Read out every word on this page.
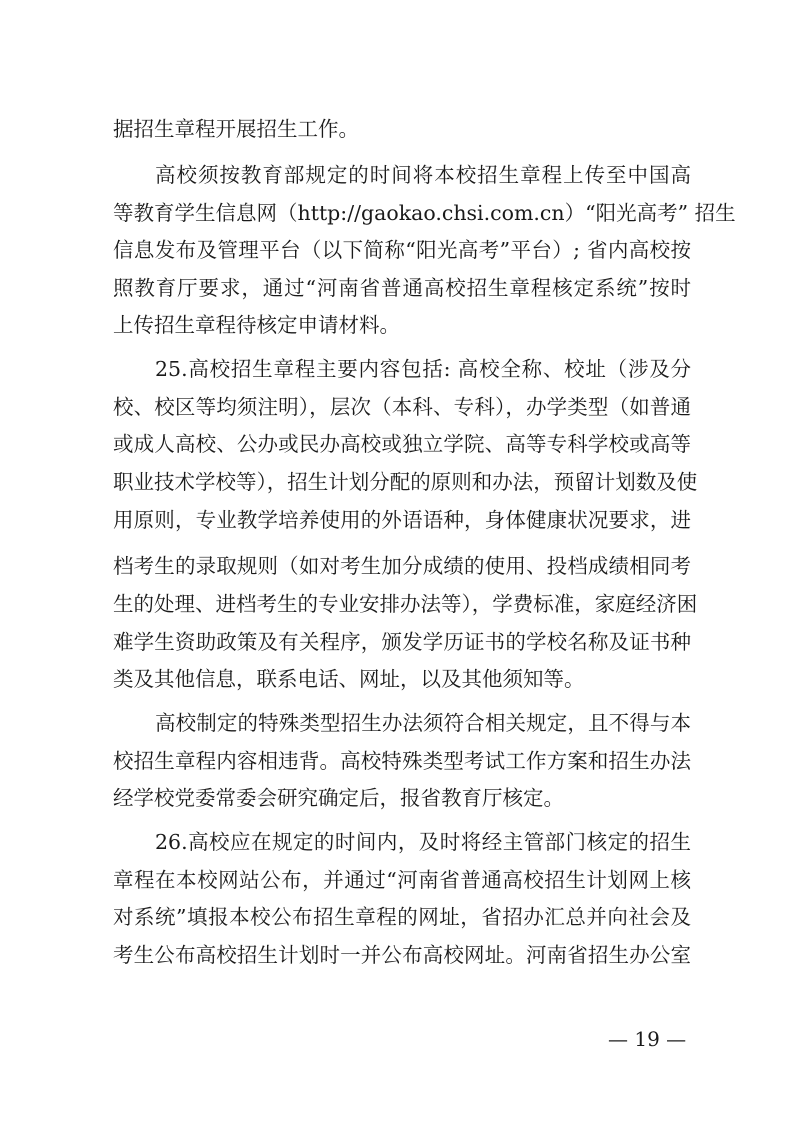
据招生章程开展招生工作。
高校须按教育部规定的时间将本校招生章程上传至中国高
等教育学生信息网（http://gaokao.chsi.com.cn）“阳光高考” 招生
信息发布及管理平台（以下简称“阳光高考”平台）; 省内高校按
照教育厅要求，通过“河南省普通高校招生章程核定系统”按时
上传招生章程待核定申请材料。
25.高校招生章程主要内容包括: 高校全称、校址（涉及分
校、校区等均须注明），层次（本科、专科），办学类型（如普通
或成人高校、公办或民办高校或独立学院、高等专科学校或高等
职业技术学校等），招生计划分配的原则和办法，预留计划数及使
用原则，专业教学培养使用的外语语种，身体健康状况要求，进
档考生的录取规则（如对考生加分成绩的使用、投档成绩相同考
生的处理、进档考生的专业安排办法等），学费标准，家庭经济困
难学生资助政策及有关程序，颁发学历证书的学校名称及证书种
类及其他信息，联系电话、网址，以及其他须知等。
高校制定的特殊类型招生办法须符合相关规定，且不得与本
校招生章程内容相违背。高校特殊类型考试工作方案和招生办法
经学校党委常委会研究确定后，报省教育厅核定。
26.高校应在规定的时间内，及时将经主管部门核定的招生
章程在本校网站公布，并通过“河南省普通高校招生计划网上核
对系统”填报本校公布招生章程的网址，省招办汇总并向社会及
考生公布高校招生计划时一并公布高校网址。河南省招生办公室
— 19 —
